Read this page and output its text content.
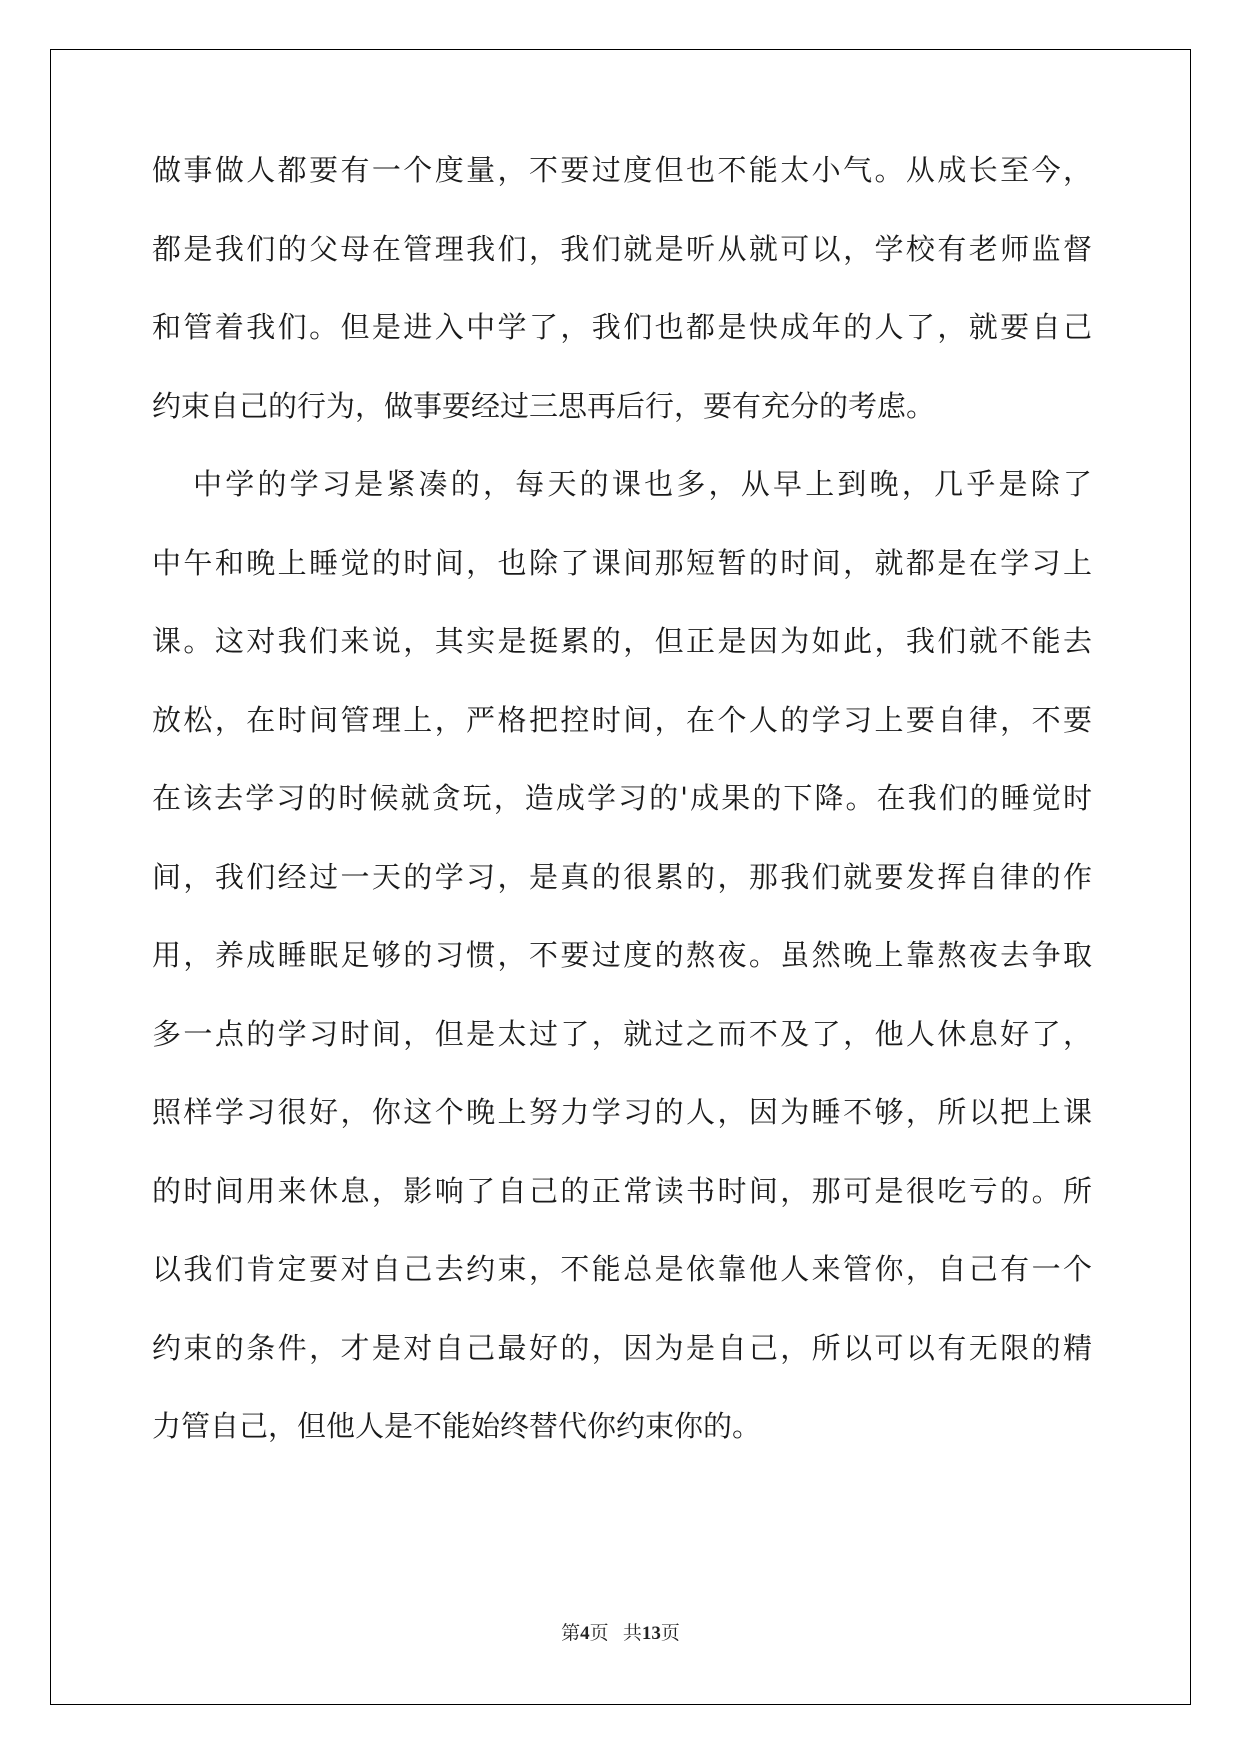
做事做人都要有一个度量，不要过度但也不能太小气。从成长至今，
都是我们的父母在管理我们，我们就是听从就可以，学校有老师监督
和管着我们。但是进入中学了，我们也都是快成年的人了，就要自己
约束自己的行为，做事要经过三思再后行，要有充分的考虑。
中学的学习是紧凑的，每天的课也多，从早上到晚，几乎是除了
中午和晚上睡觉的时间，也除了课间那短暂的时间，就都是在学习上
课。这对我们来说，其实是挺累的，但正是因为如此，我们就不能去
放松，在时间管理上，严格把控时间，在个人的学习上要自律，不要
在该去学习的时候就贪玩，造成学习的'成果的下降。在我们的睡觉时
间，我们经过一天的学习，是真的很累的，那我们就要发挥自律的作
用，养成睡眠足够的习惯，不要过度的熬夜。虽然晚上靠熬夜去争取
多一点的学习时间，但是太过了，就过之而不及了，他人休息好了，
照样学习很好，你这个晚上努力学习的人，因为睡不够，所以把上课
的时间用来休息，影响了自己的正常读书时间，那可是很吃亏的。所
以我们肯定要对自己去约束，不能总是依靠他人来管你，自己有一个
约束的条件，才是对自己最好的，因为是自己，所以可以有无限的精
力管自己，但他人是不能始终替代你约束你的。
第4页 共13页
